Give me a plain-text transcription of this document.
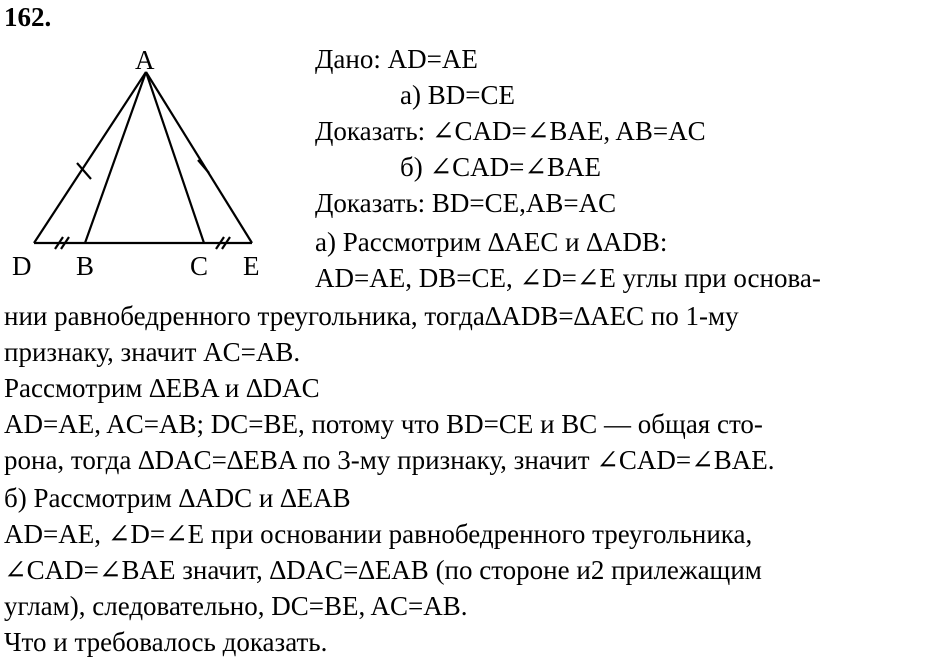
162.
A
D B	C E
Дано: AD=AE
а) BD=CE
Доказать: ∠CAD=∠BAE, AB=AC
б) ∠CAD=∠BAE
Доказать: BD=CE,AB=AC
а) Рассмотрим ∆AEC и ∆ADB:
AD=AE, DB=CE, ∠D=∠E углы при основа-
нии равнобедренного треугольника, тогда∆ADB=∆AEC по 1-му
признаку, значит AC=AB.
Рассмотрим ∆EBA и ∆DAC
AD=AE, AC=AB; DC=BE, потому что BD=CE и BC — общая сто-
рона, тогда ∆DAC=∆EBA по 3-му признаку, значит ∠CAD=∠BAE.
б) Рассмотрим ∆ADC и ∆EAB
AD=AE, ∠D=∠E при основании равнобедренного треугольника,
∠CAD=∠BAE значит, ∆DAC=∆EAB (по стороне и2 прилежащим
углам), следовательно, DC=BE, AC=AB.
Что и требовалось доказать.
